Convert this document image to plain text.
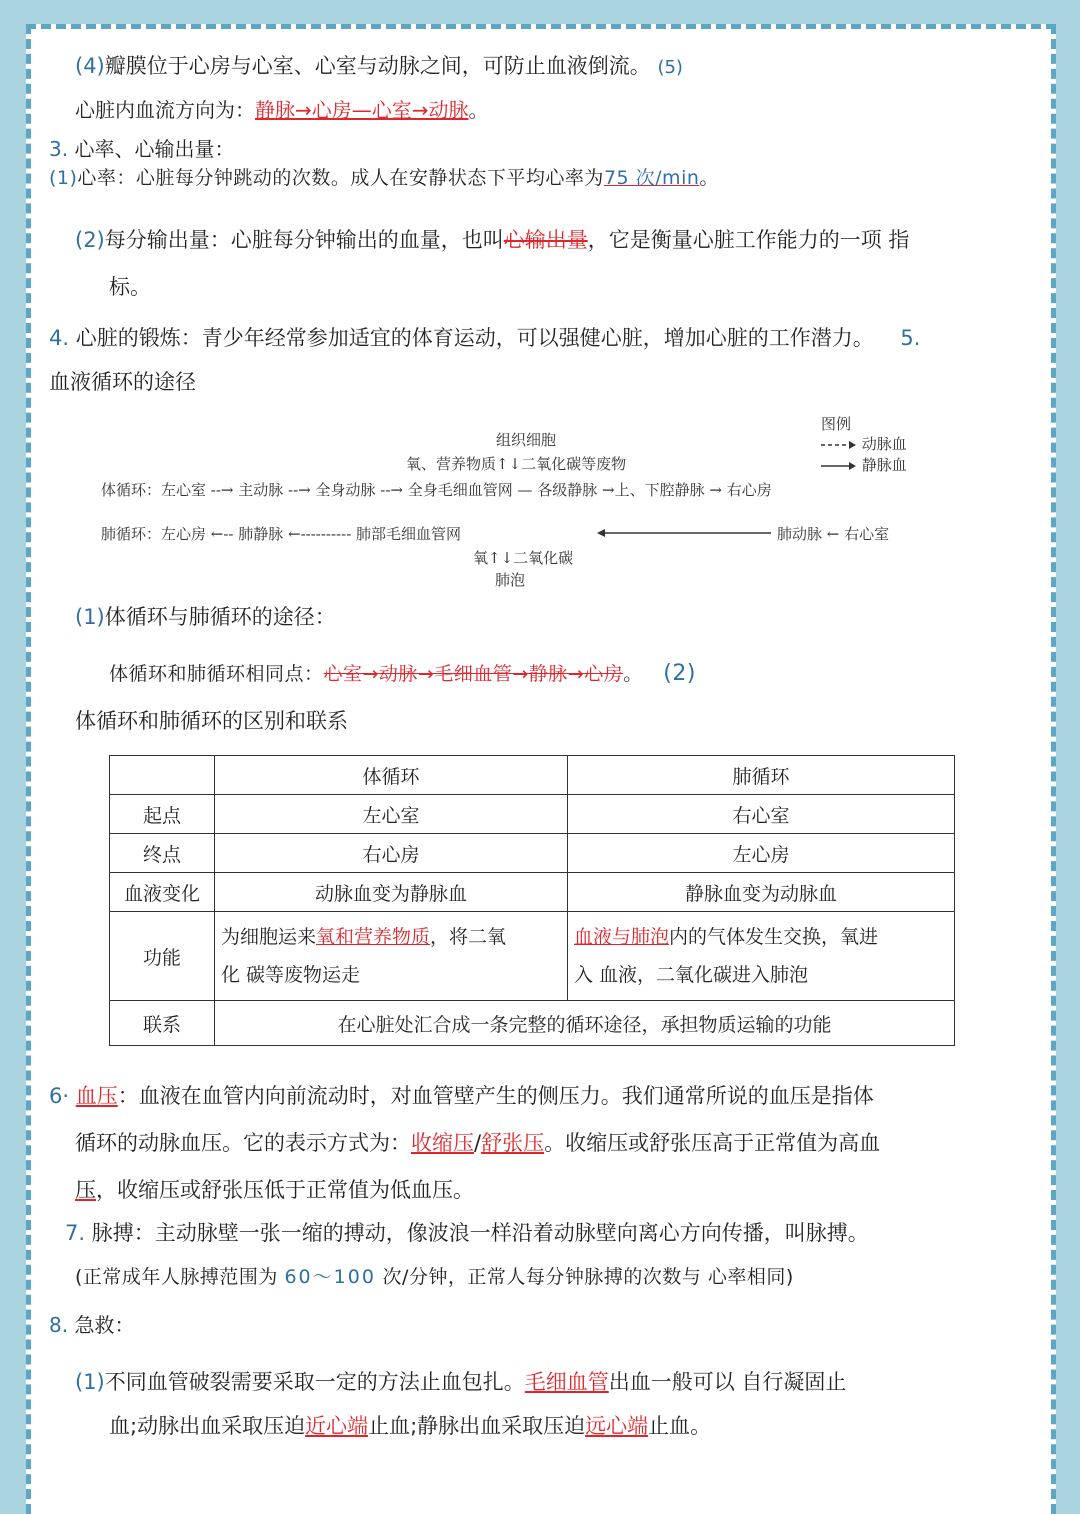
(4)瓣膜位于心房与心室、心室与动脉之间，可防止血液倒流。 (5)
心脏内血流方向为：静脉→心房—心室→动脉。
3. 心率、心输出量：
(1)心率：心脏每分钟跳动的次数。成人在安静状态下平均心率为75 次/min。
(2)每分输出量：心脏每分钟输出的血量，也叫心输出量，它是衡量心脏工作能力的一项 指
标。
4. 心脏的锻炼：青少年经常参加适宜的体育运动，可以强健心脏，增加心脏的工作潜力。 5.
血液循环的途径
组织细胞
氧、营养物质↑↓二氧化碳等废物
图例
动脉血
静脉血
体循环：左心室 --→ 主动脉 --→ 全身动脉 --→ 全身毛细血管网 — 各级静脉 →上、下腔静脉 → 右心房
肺循环：左心房 ←-- 肺静脉 ←---------- 肺部毛细血管网	肺动脉 ← 右心室
氧↑↓二氧化碳
肺泡
(1)体循环与肺循环的途径：
体循环和肺循环相同点：心室→动脉→毛细血管→静脉→心房。 (2)
体循环和肺循环的区别和联系
	体循环	肺循环
起点	左心室	右心室
终点	右心房	左心房
血液变化	动脉血变为静脉血	静脉血变为动脉血
功能	为细胞运来氧和营养物质，将二氧
化 碳等废物运走	血液与肺泡内的气体发生交换，氧进
入 血液，二氧化碳进入肺泡
联系	在心脏处汇合成一条完整的循环途径，承担物质运输的功能	
6· 血压：血液在血管内向前流动时，对血管壁产生的侧压力。我们通常所说的血压是指体
循环的动脉血压。它的表示方式为：收缩压/舒张压。收缩压或舒张压高于正常值为高血
压，收缩压或舒张压低于正常值为低血压。
7. 脉搏：主动脉壁一张一缩的搏动，像波浪一样沿着动脉壁向离心方向传播，叫脉搏。
(正常成年人脉搏范围为 60～100 次/分钟，正常人每分钟脉搏的次数与 心率相同)
8. 急救：
(1)不同血管破裂需要采取一定的方法止血包扎。毛细血管出血一般可以 自行凝固止
血;动脉出血采取压迫近心端止血;静脉出血采取压迫远心端止血。
